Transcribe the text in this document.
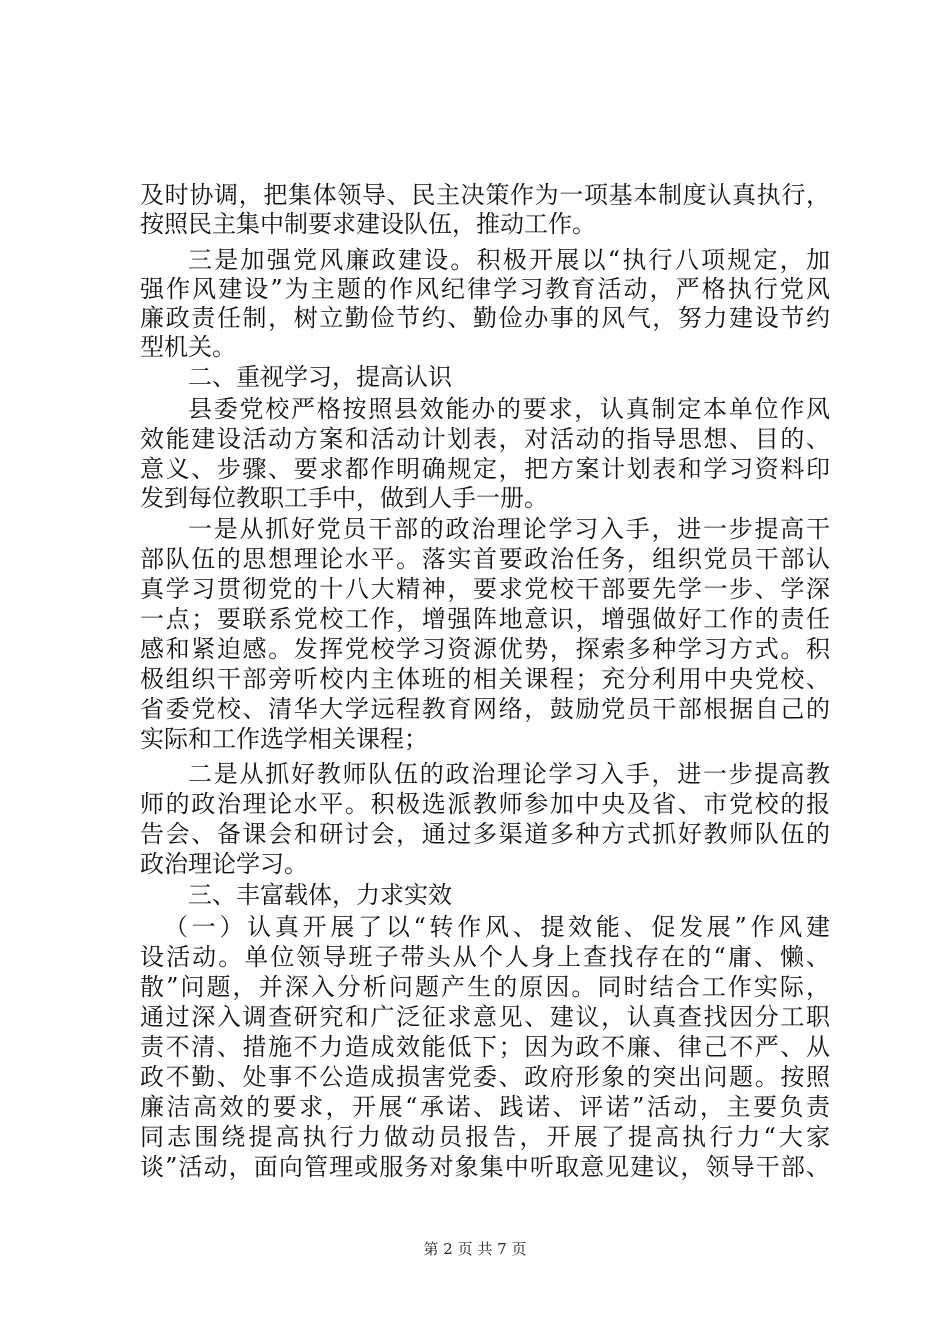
及时协调，把集体领导、民主决策作为一项基本制度认真执行，
按照民主集中制要求建设队伍，推动工作。
三是加强党风廉政建设。积极开展以“执行八项规定，加
强作风建设”为主题的作风纪律学习教育活动，严格执行党风
廉政责任制，树立勤俭节约、勤俭办事的风气，努力建设节约
型机关。
二、重视学习，提高认识
县委党校严格按照县效能办的要求，认真制定本单位作风
效能建设活动方案和活动计划表，对活动的指导思想、目的、
意义、步骤、要求都作明确规定，把方案计划表和学习资料印
发到每位教职工手中，做到人手一册。
一是从抓好党员干部的政治理论学习入手，进一步提高干
部队伍的思想理论水平。落实首要政治任务，组织党员干部认
真学习贯彻党的十八大精神，要求党校干部要先学一步、学深
一点；要联系党校工作，增强阵地意识，增强做好工作的责任
感和紧迫感。发挥党校学习资源优势，探索多种学习方式。积
极组织干部旁听校内主体班的相关课程；充分利用中央党校、
省委党校、清华大学远程教育网络，鼓励党员干部根据自己的
实际和工作选学相关课程；
二是从抓好教师队伍的政治理论学习入手，进一步提高教
师的政治理论水平。积极选派教师参加中央及省、市党校的报
告会、备课会和研讨会，通过多渠道多种方式抓好教师队伍的
政治理论学习。
三、丰富载体，力求实效
（一）认真开展了以“转作风、提效能、促发展”作风建
设活动。单位领导班子带头从个人身上查找存在的“庸、懒、
散”问题，并深入分析问题产生的原因。同时结合工作实际，
通过深入调查研究和广泛征求意见、建议，认真查找因分工职
责不清、措施不力造成效能低下；因为政不廉、律己不严、从
政不勤、处事不公造成损害党委、政府形象的突出问题。按照
廉洁高效的要求，开展“承诺、践诺、评诺”活动，主要负责
同志围绕提高执行力做动员报告，开展了提高执行力“大家
谈”活动，面向管理或服务对象集中听取意见建议，领导干部、
第 2 页 共 7 页
